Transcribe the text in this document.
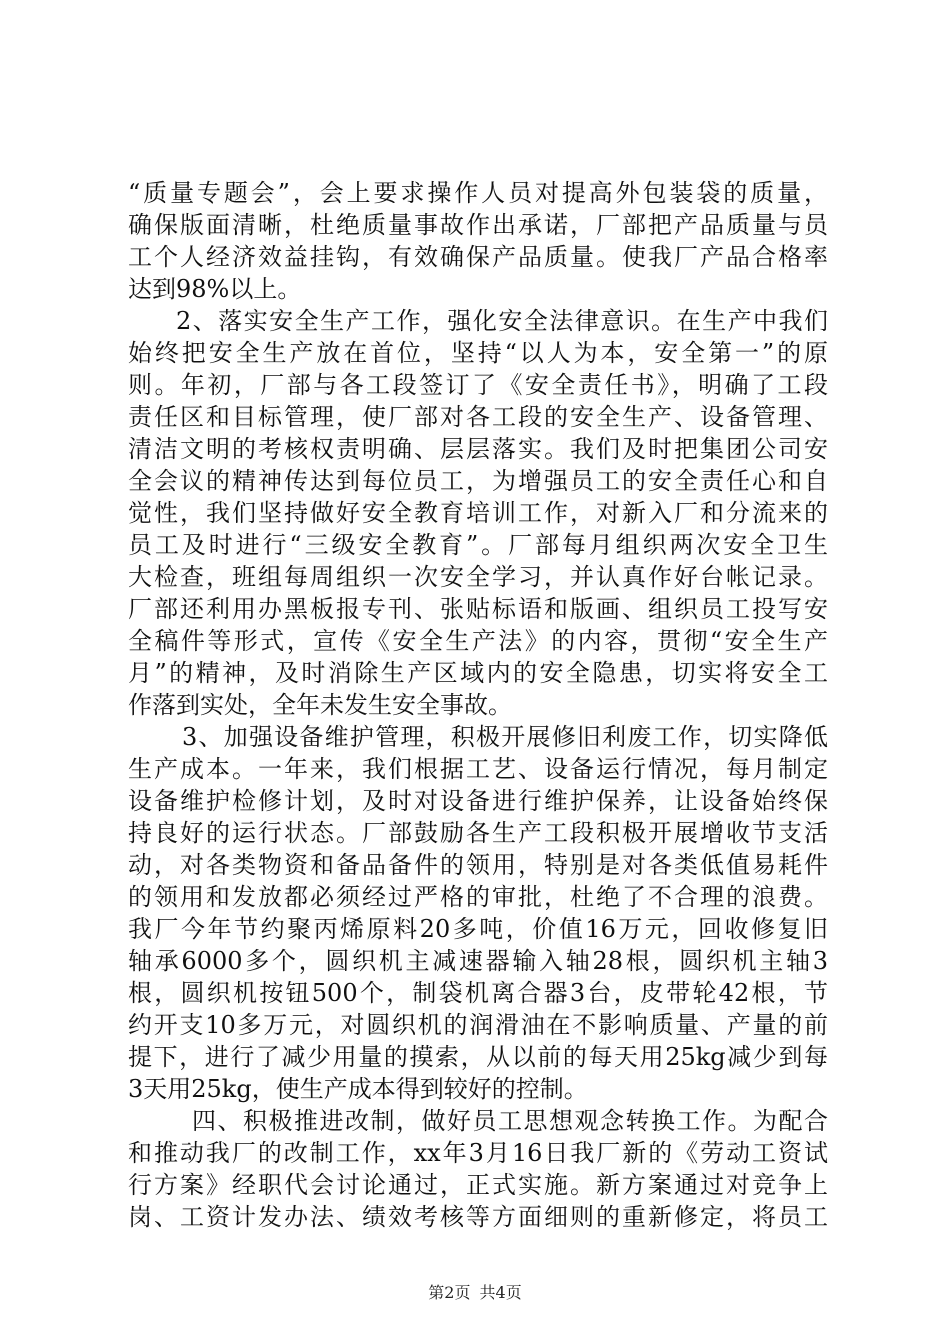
“质量专题会”，会上要求操作人员对提高外包装袋的质量，
确保版面清晰，杜绝质量事故作出承诺，厂部把产品质量与员
工个人经济效益挂钩，有效确保产品质量。使我厂产品合格率
达到98%以上。
2、落实安全生产工作，强化安全法律意识。在生产中我们
始终把安全生产放在首位，坚持“以人为本，安全第一”的原
则。年初，厂部与各工段签订了《安全责任书》，明确了工段
责任区和目标管理，使厂部对各工段的安全生产、设备管理、
清洁文明的考核权责明确、层层落实。我们及时把集团公司安
全会议的精神传达到每位员工，为增强员工的安全责任心和自
觉性，我们坚持做好安全教育培训工作，对新入厂和分流来的
员工及时进行“三级安全教育”。厂部每月组织两次安全卫生
大检查，班组每周组织一次安全学习，并认真作好台帐记录。
厂部还利用办黑板报专刊、张贴标语和版画、组织员工投写安
全稿件等形式，宣传《安全生产法》的内容，贯彻“安全生产
月”的精神，及时消除生产区域内的安全隐患，切实将安全工
作落到实处，全年未发生安全事故。
3、加强设备维护管理，积极开展修旧利废工作，切实降低
生产成本。一年来，我们根据工艺、设备运行情况，每月制定
设备维护检修计划，及时对设备进行维护保养，让设备始终保
持良好的运行状态。厂部鼓励各生产工段积极开展增收节支活
动，对各类物资和备品备件的领用，特别是对各类低值易耗件
的领用和发放都必须经过严格的审批，杜绝了不合理的浪费。
我厂今年节约聚丙烯原料20多吨，价值16万元，回收修复旧
轴承6000多个，圆织机主减速器输入轴28根，圆织机主轴3
根，圆织机按钮500个，制袋机离合器3台，皮带轮42根，节
约开支10多万元，对圆织机的润滑油在不影响质量、产量的前
提下，进行了减少用量的摸索，从以前的每天用25kg减少到每
3天用25kg，使生产成本得到较好的控制。
四、积极推进改制，做好员工思想观念转换工作。为配合
和推动我厂的改制工作，xx年3月16日我厂新的《劳动工资试
行方案》经职代会讨论通过，正式实施。新方案通过对竞争上
岗、工资计发办法、绩效考核等方面细则的重新修定，将员工
第2页 共4页
